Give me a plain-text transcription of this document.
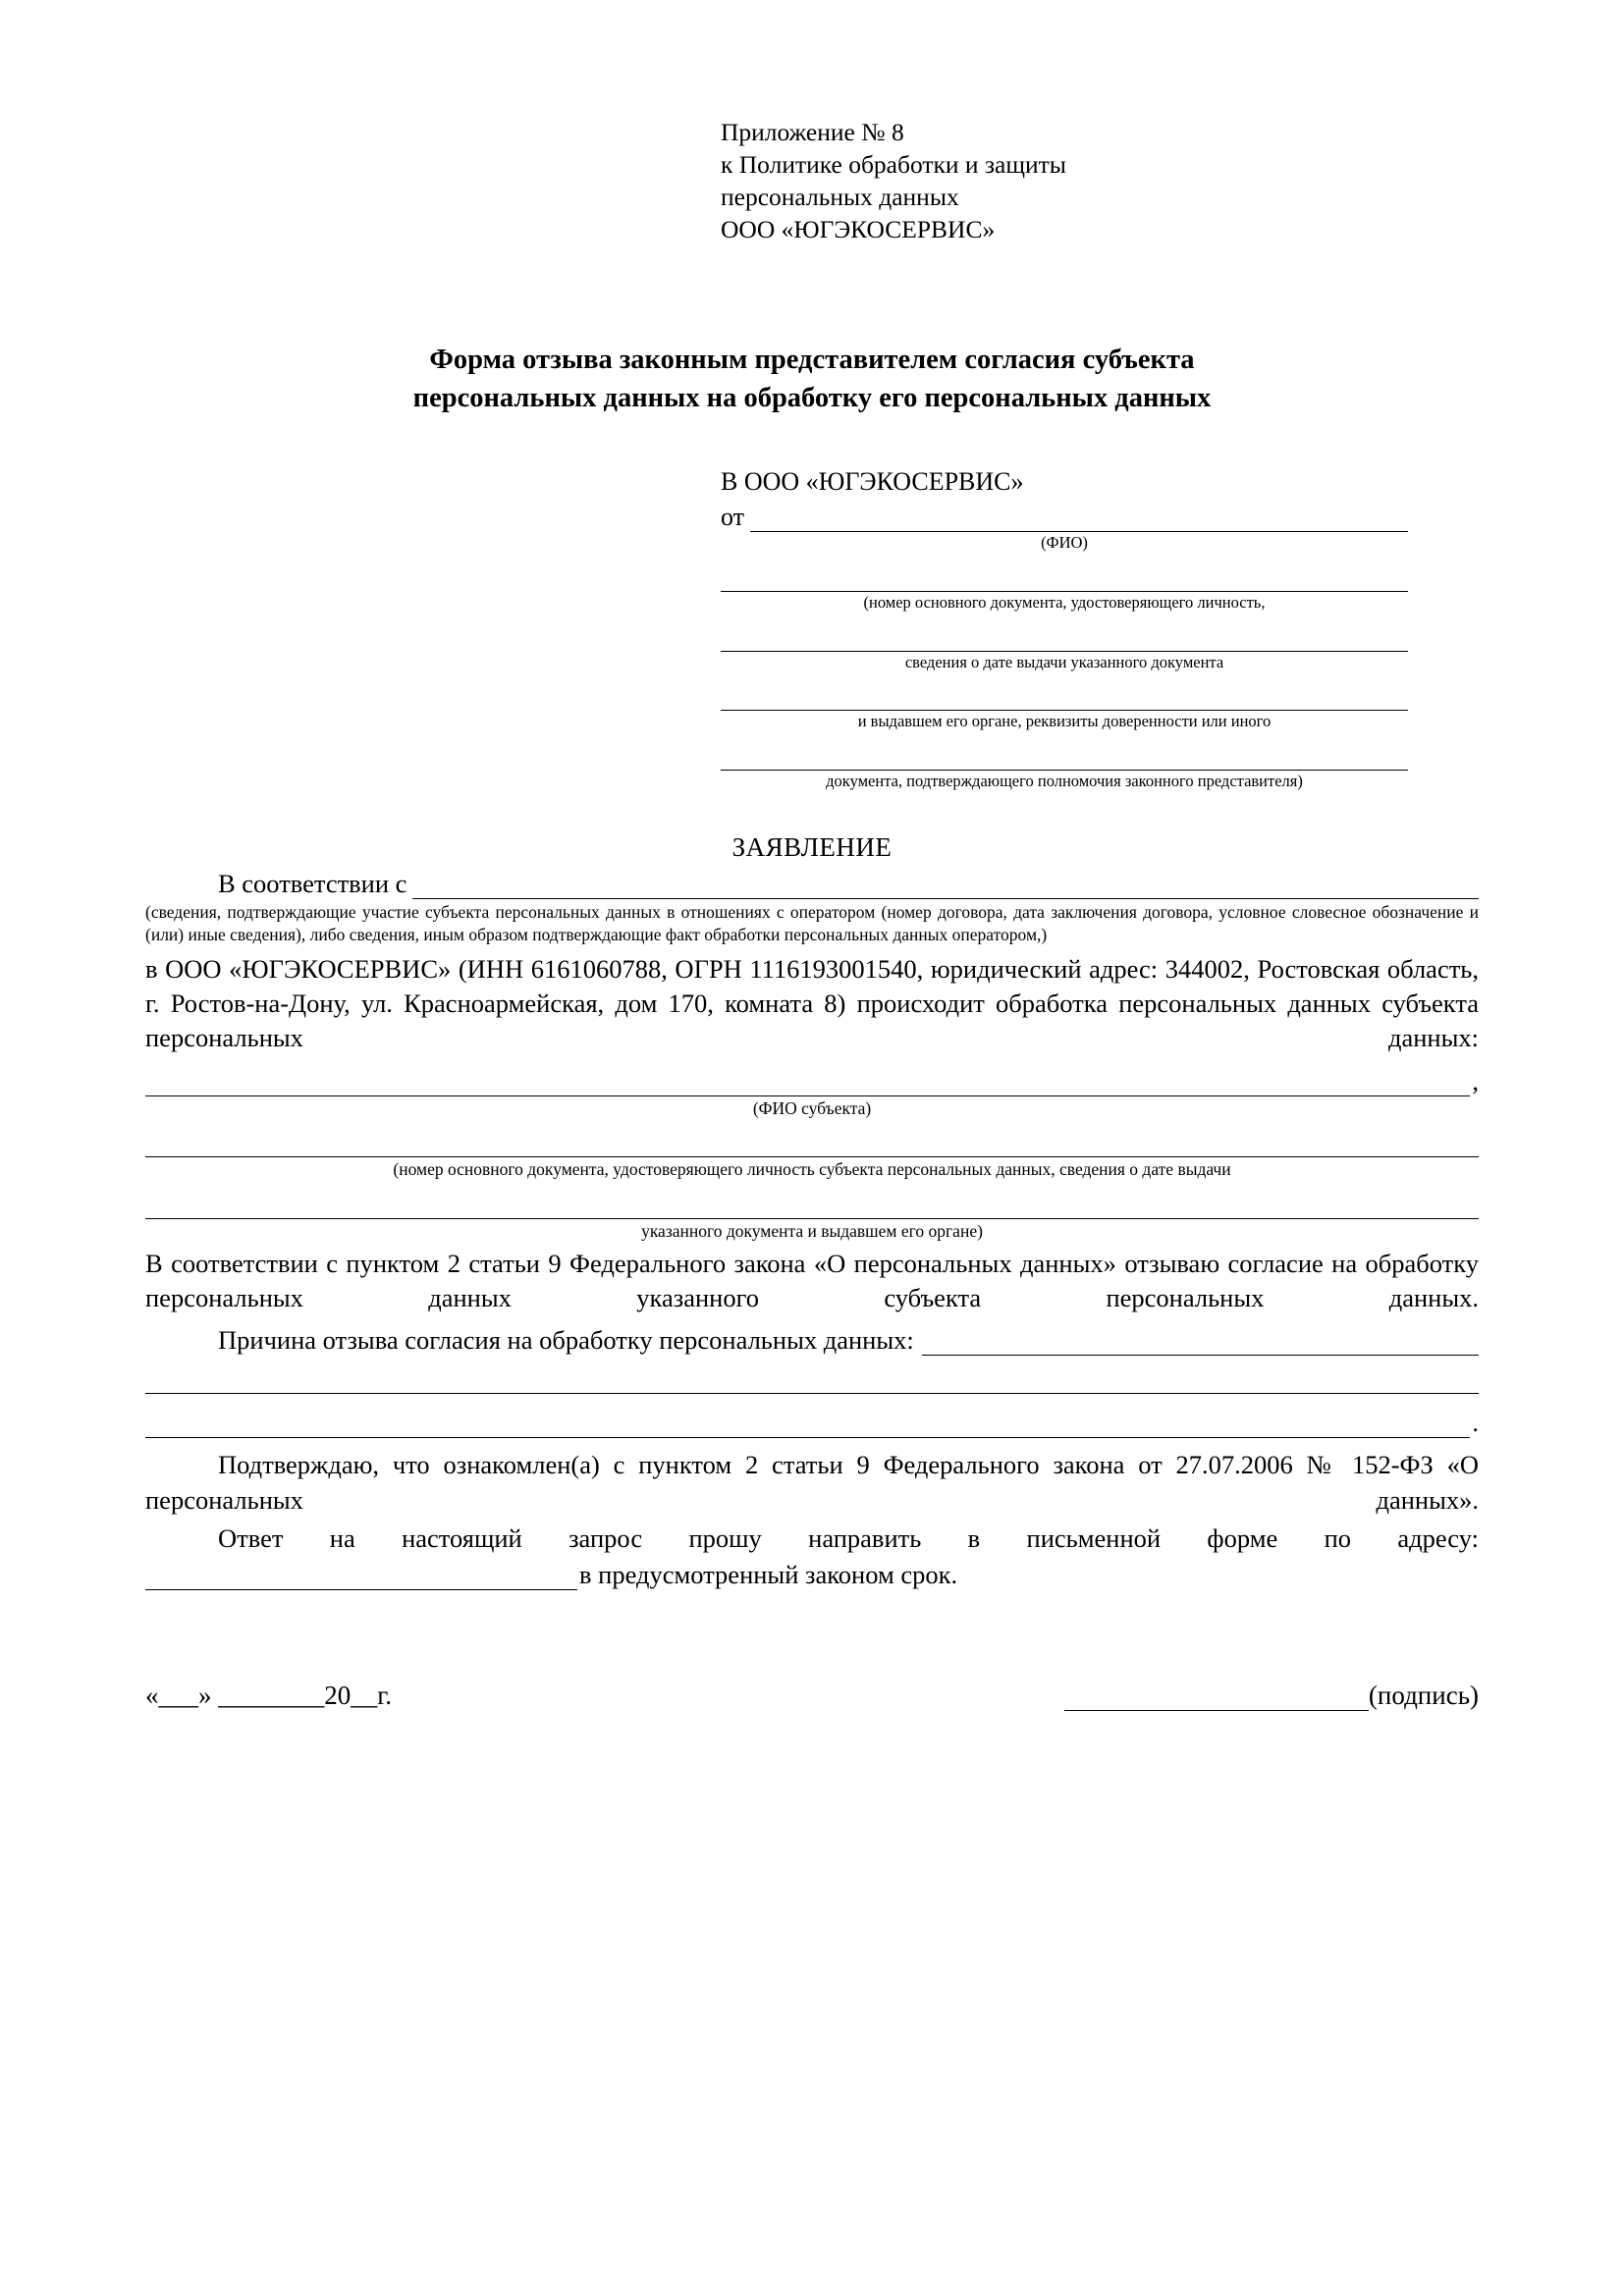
Приложение № 8
к Политике обработки и защиты
персональных данных
ООО «ЮГЭКОСЕРВИС»
Форма отзыва законным представителем согласия субъекта
персональных данных на обработку его персональных данных
В ООО «ЮГЭКОСЕРВИС»
от
(ФИО)
(номер основного документа, удостоверяющего личность,
сведения о дате выдачи указанного документа
и выдавшем его органе, реквизиты доверенности или иного
документа, подтверждающего полномочия законного представителя)
ЗАЯВЛЕНИЕ
В соответствии с
(сведения, подтверждающие участие субъекта персональных данных в отношениях с оператором (номер договора, дата заключения договора, условное словесное обозначение и (или) иные сведения), либо сведения, иным образом подтверждающие факт обработки персональных данных оператором,)
в ООО «ЮГЭКОСЕРВИС» (ИНН 6161060788, ОГРН 1116193001540, юридический адрес: 344002, Ростовская область, г. Ростов-на-Дону, ул. Красноармейская, дом 170, комната 8) происходит обработка персональных данных субъекта персональных данных:
,
(ФИО субъекта)
(номер основного документа, удостоверяющего личность субъекта персональных данных, сведения о дате выдачи
указанного документа и выдавшем его органе)
В соответствии с пунктом 2 статьи 9 Федерального закона «О персональных данных» отзываю согласие на обработку персональных данных указанного субъекта персональных данных.
Причина отзыва согласия на обработку персональных данных:
.
Подтверждаю, что ознакомлен(а) с пунктом 2 статьи 9 Федерального закона от 27.07.2006 № 152-ФЗ «О персональных данных».
Ответ на настоящий запрос прошу направить в письменной форме по адресу:
в предусмотренный законом срок.
«___» ________20__г.	(подпись)
